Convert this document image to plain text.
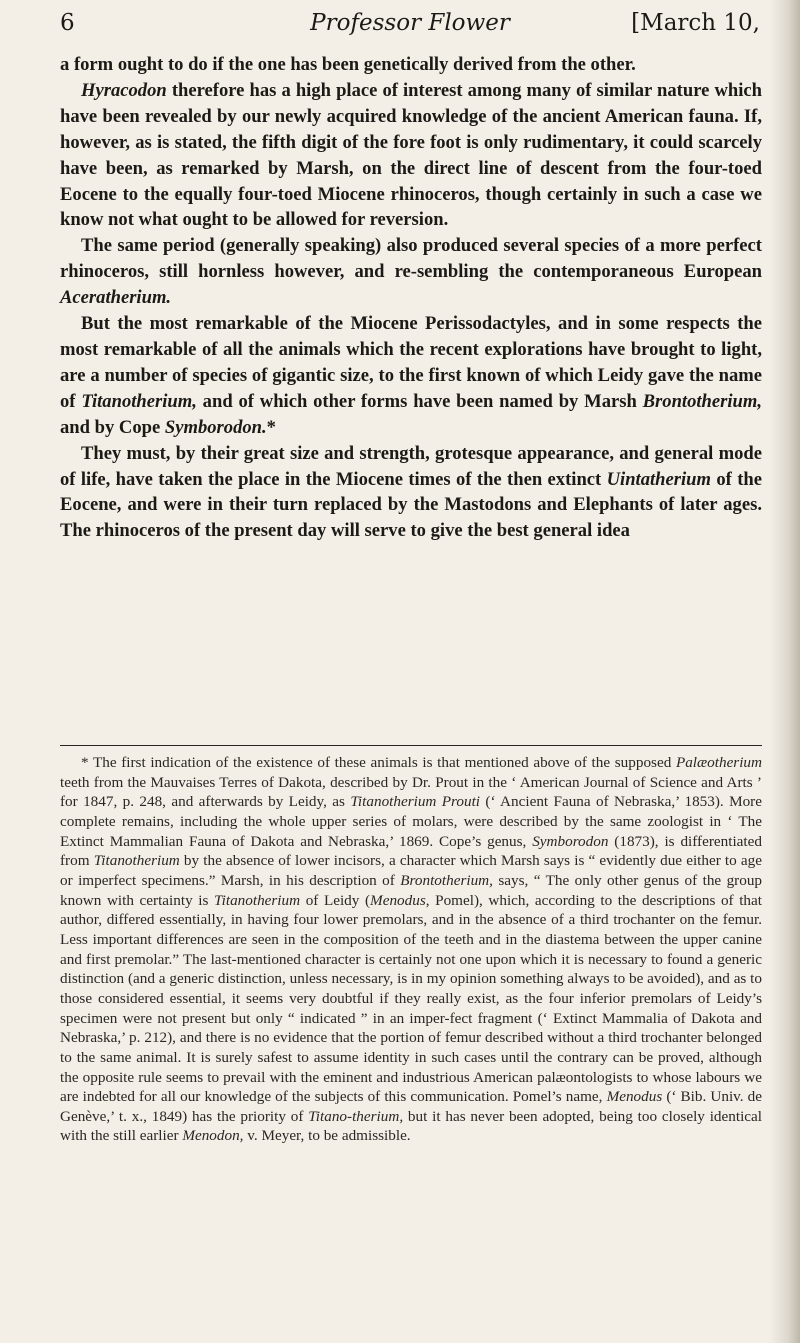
6	Professor Flower	[March 10,

a form ought to do if the one has been genetically derived from the other.

Hyracodon therefore has a high place of interest among many of similar nature which have been revealed by our newly acquired knowledge of the ancient American fauna. If, however, as is stated, the fifth digit of the fore foot is only rudimentary, it could scarcely have been, as remarked by Marsh, on the direct line of descent from the four-toed Eocene to the equally four-toed Miocene rhinoceros, though certainly in such a case we know not what ought to be allowed for reversion.

The same period (generally speaking) also produced several species of a more perfect rhinoceros, still hornless however, and re-sembling the contemporaneous European Aceratherium.

But the most remarkable of the Miocene Perissodactyles, and in some respects the most remarkable of all the animals which the recent explorations have brought to light, are a number of species of gigantic size, to the first known of which Leidy gave the name of Titanotherium, and of which other forms have been named by Marsh Brontotherium, and by Cope Symborodon.*

They must, by their great size and strength, grotesque appearance, and general mode of life, have taken the place in the Miocene times of the then extinct Uintatherium of the Eocene, and were in their turn replaced by the Mastodons and Elephants of later ages. The rhinoceros of the present day will serve to give the best general idea

* The first indication of the existence of these animals is that mentioned above of the supposed Palæotherium teeth from the Mauvaises Terres of Dakota, described by Dr. Prout in the ‘ American Journal of Science and Arts ’ for 1847, p. 248, and afterwards by Leidy, as Titanotherium Prouti (‘ Ancient Fauna of Nebraska,’ 1853). More complete remains, including the whole upper series of molars, were described by the same zoologist in ‘ The Extinct Mammalian Fauna of Dakota and Nebraska,’ 1869. Cope’s genus, Symborodon (1873), is differentiated from Titanotherium by the absence of lower incisors, a character which Marsh says is “ evidently due either to age or imperfect specimens.” Marsh, in his description of Brontotherium, says, “ The only other genus of the group known with certainty is Titanotherium of Leidy (Menodus, Pomel), which, according to the descriptions of that author, differed essentially, in having four lower premolars, and in the absence of a third trochanter on the femur. Less important differences are seen in the composition of the teeth and in the diastema between the upper canine and first premolar.” The last-mentioned character is certainly not one upon which it is necessary to found a generic distinction (and a generic distinction, unless necessary, is in my opinion something always to be avoided), and as to those considered essential, it seems very doubtful if they really exist, as the four inferior premolars of Leidy’s specimen were not present but only “ indicated ” in an imper-fect fragment (‘ Extinct Mammalia of Dakota and Nebraska,’ p. 212), and there is no evidence that the portion of femur described without a third trochanter belonged to the same animal. It is surely safest to assume identity in such cases until the contrary can be proved, although the opposite rule seems to prevail with the eminent and industrious American palæontologists to whose labours we are indebted for all our knowledge of the subjects of this communication. Pomel’s name, Menodus (‘ Bib. Univ. de Genève,’ t. x., 1849) has the priority of Titano-therium, but it has never been adopted, being too closely identical with the still earlier Menodon, v. Meyer, to be admissible.
